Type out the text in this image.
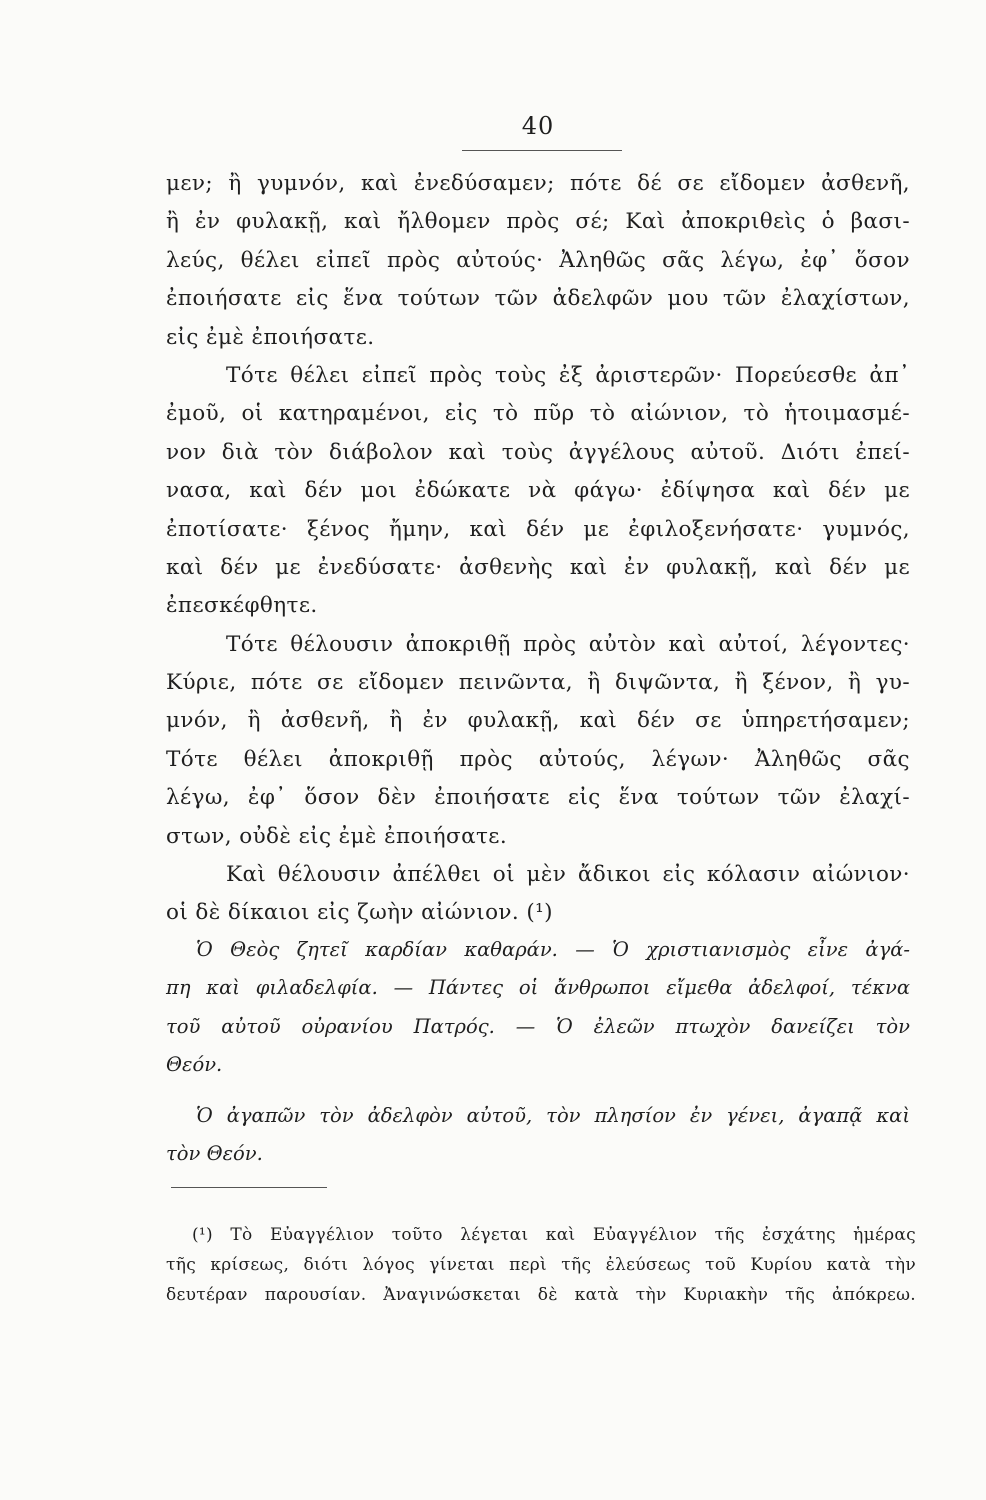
40
μεν; ἢ γυμνόν, καὶ ἐνεδύσαμεν; πότε δέ σε εἴδομεν ἀσθενῆ,
ἢ ἐν φυλακῇ, καὶ ἤλθομεν πρὸς σέ; Καὶ ἀποκριθεὶς ὁ βασι-
λεύς, θέλει εἰπεῖ πρὸς αὐτούς· Ἀληθῶς σᾶς λέγω, ἐφ᾽ ὅσον
ἐποιήσατε εἰς ἕνα τούτων τῶν ἀδελφῶν μου τῶν ἐλαχίστων,
εἰς ἐμὲ ἐποιήσατε.
Τότε θέλει εἰπεῖ πρὸς τοὺς ἐξ ἀριστερῶν· Πορεύεσθε ἀπ᾽
ἐμοῦ, οἱ κατηραμένοι, εἰς τὸ πῦρ τὸ αἰώνιον, τὸ ἡτοιμασμέ-
νον διὰ τὸν διάβολον καὶ τοὺς ἀγγέλους αὐτοῦ. Διότι ἐπεί-
νασα, καὶ δέν μοι ἐδώκατε νὰ φάγω· ἐδίψησα καὶ δέν με
ἐποτίσατε· ξένος ἤμην, καὶ δέν με ἐφιλοξενήσατε· γυμνός,
καὶ δέν με ἐνεδύσατε· ἀσθενὴς καὶ ἐν φυλακῇ, καὶ δέν με
ἐπεσκέφθητε.
Τότε θέλουσιν ἀποκριθῇ πρὸς αὐτὸν καὶ αὐτοί, λέγοντες·
Κύριε, πότε σε εἴδομεν πεινῶντα, ἢ διψῶντα, ἢ ξένον, ἢ γυ-
μνόν, ἢ ἀσθενῆ, ἢ ἐν φυλακῇ, καὶ δέν σε ὑπηρετήσαμεν;
Τότε θέλει ἀποκριθῇ πρὸς αὐτούς, λέγων· Ἀληθῶς σᾶς
λέγω, ἐφ᾽ ὅσον δὲν ἐποιήσατε εἰς ἕνα τούτων τῶν ἐλαχί-
στων, οὐδὲ εἰς ἐμὲ ἐποιήσατε.
Καὶ θέλουσιν ἀπέλθει οἱ μὲν ἄδικοι εἰς κόλασιν αἰώνιον·
οἱ δὲ δίκαιοι εἰς ζωὴν αἰώνιον. (¹)
Ὁ Θεὸς ζητεῖ καρδίαν καθαράν. — Ὁ χριστιανισμὸς εἶνε ἀγά-
πη καὶ φιλαδελφία. — Πάντες οἱ ἄνθρωποι εἴμεθα ἀδελφοί, τέκνα
τοῦ αὐτοῦ οὐρανίου Πατρός. — Ὁ ἐλεῶν πτωχὸν δανείζει τὸν
Θεόν.
Ὁ ἀγαπῶν τὸν ἀδελφὸν αὐτοῦ, τὸν πλησίον ἐν γένει, ἀγαπᾷ καὶ
τὸν Θεόν.
(¹) Τὸ Εὐαγγέλιον τοῦτο λέγεται καὶ Εὐαγγέλιον τῆς ἐσχάτης ἡμέρας
τῆς κρίσεως, διότι λόγος γίνεται περὶ τῆς ἐλεύσεως τοῦ Κυρίου κατὰ τὴν
δευτέραν παρουσίαν. Ἀναγινώσκεται δὲ κατὰ τὴν Κυριακὴν τῆς ἀπόκρεω.
